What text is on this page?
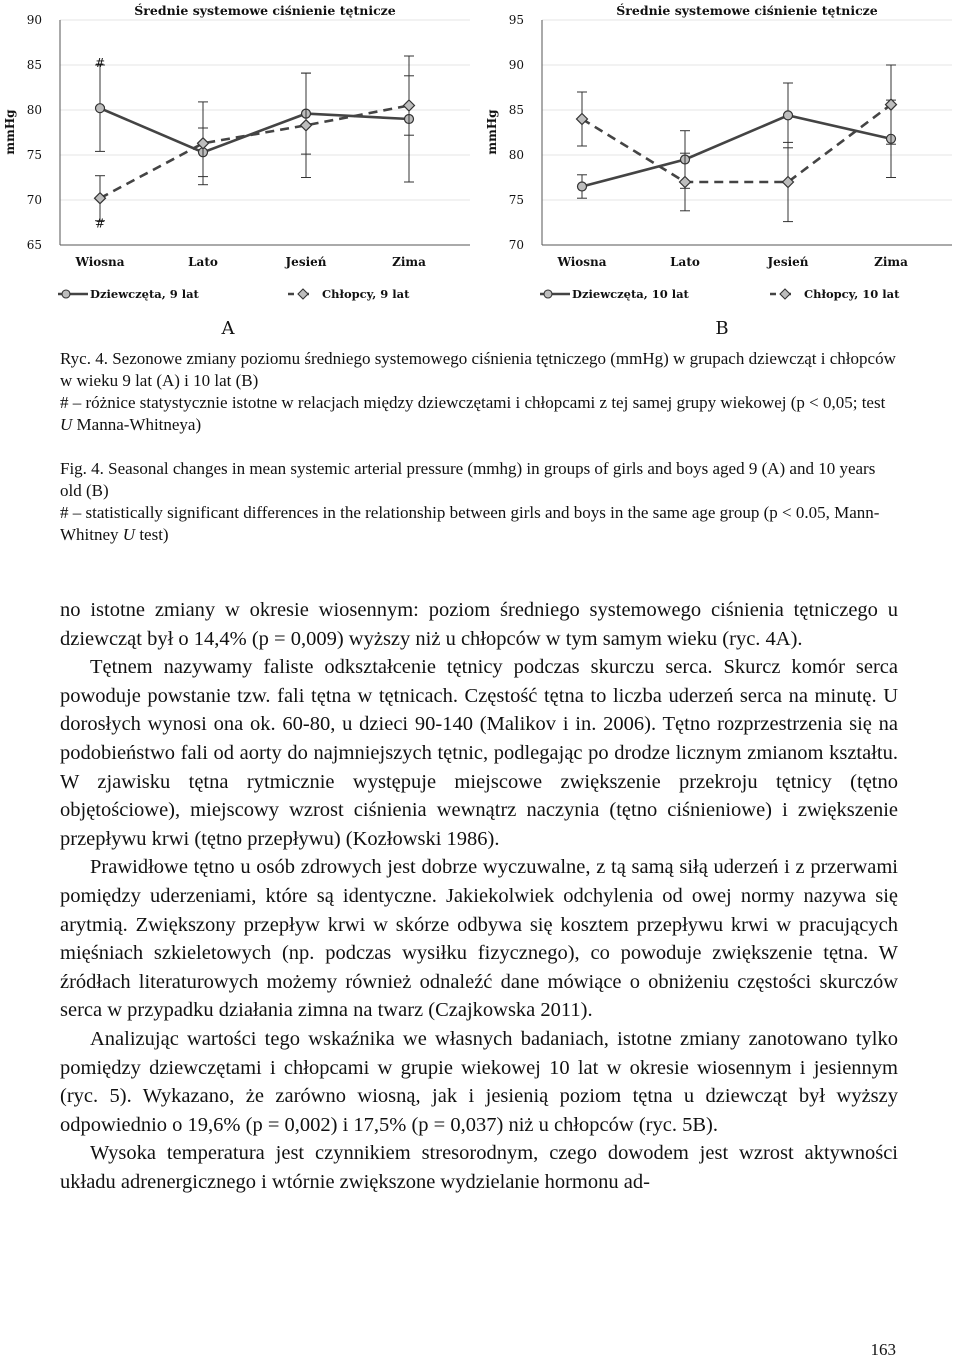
65
70
75
80
85
90
Średnie systemowe ciśnienie tętnicze
mmHg
Wiosna	Lato	Jesień	Zima
#
#
Dziewczęta, 9 lat	Chłopcy, 9 lat
A
70
75
80
85
90
95
Średnie systemowe ciśnienie tętnicze
mmHg
Wiosna	Lato	Jesień	Zima
Dziewczęta, 10 lat	Chłopcy, 10 lat
B

Ryc. 4. Sezonowe zmiany poziomu średniego systemowego ciśnienia tętniczego (mmHg) w grupach dziewcząt i chłopców w wieku 9 lat (A) i 10 lat (B)

# – różnice statystycznie istotne w relacjach między dziewczętami i chłopcami z tej samej grupy wiekowej (p < 0,05; test U Manna-Whitneya)

Fig. 4. Seasonal changes in mean systemic arterial pressure (mmhg) in groups of girls and boys aged 9 (A) and 10 years old (B)

# – statistically significant differences in the relationship between girls and boys in the same age group (p < 0.05, Mann-Whitney U test)

no istotne zmiany w okresie wiosennym: poziom średniego systemowego ciśnienia tętniczego u dziewcząt był o 14,4% (p = 0,009) wyższy niż u chłopców w tym samym wieku (ryc. 4A).

Tętnem nazywamy faliste odkształcenie tętnicy podczas skurczu serca. Skurcz komór serca powoduje powstanie tzw. fali tętna w tętnicach. Częstość tętna to liczba uderzeń serca na minutę. U dorosłych wynosi ona ok. 60-80, u dzieci 90-140 (Malikov i in. 2006). Tętno rozprzestrzenia się na podobieństwo fali od aorty do najmniejszych tętnic, podlegając po drodze licznym zmianom kształtu. W zjawisku tętna rytmicznie występuje miejscowe zwiększenie przekroju tętnicy (tętno objętościowe), miejscowy wzrost ciśnienia wewnątrz naczynia (tętno ciśnieniowe) i zwiększenie przepływu krwi (tętno przepływu) (Kozłowski 1986).

Prawidłowe tętno u osób zdrowych jest dobrze wyczuwalne, z tą samą siłą uderzeń i z przerwami pomiędzy uderzeniami, które są identyczne. Jakiekolwiek odchylenia od owej normy nazywa się arytmią. Zwiększony przepływ krwi w skórze odbywa się kosztem przepływu krwi w pracujących mięśniach szkieletowych (np. podczas wysiłku fizycznego), co powoduje zwiększenie tętna. W źródłach literaturowych możemy również odnaleźć dane mówiące o obniżeniu częstości skurczów serca w przypadku działania zimna na twarz (Czajkowska 2011).

Analizując wartości tego wskaźnika we własnych badaniach, istotne zmiany zanotowano tylko pomiędzy dziewczętami i chłopcami w grupie wiekowej 10 lat w okresie wiosennym i jesiennym (ryc. 5). Wykazano, że zarówno wiosną, jak i jesienią poziom tętna u dziewcząt był wyższy odpowiednio o 19,6% (p = 0,002) i 17,5% (p = 0,037) niż u chłopców (ryc. 5B).

Wysoka temperatura jest czynnikiem stresorodnym, czego dowodem jest wzrost aktywności układu adrenergicznego i wtórnie zwiększone wydzielanie hormonu ad-

163
